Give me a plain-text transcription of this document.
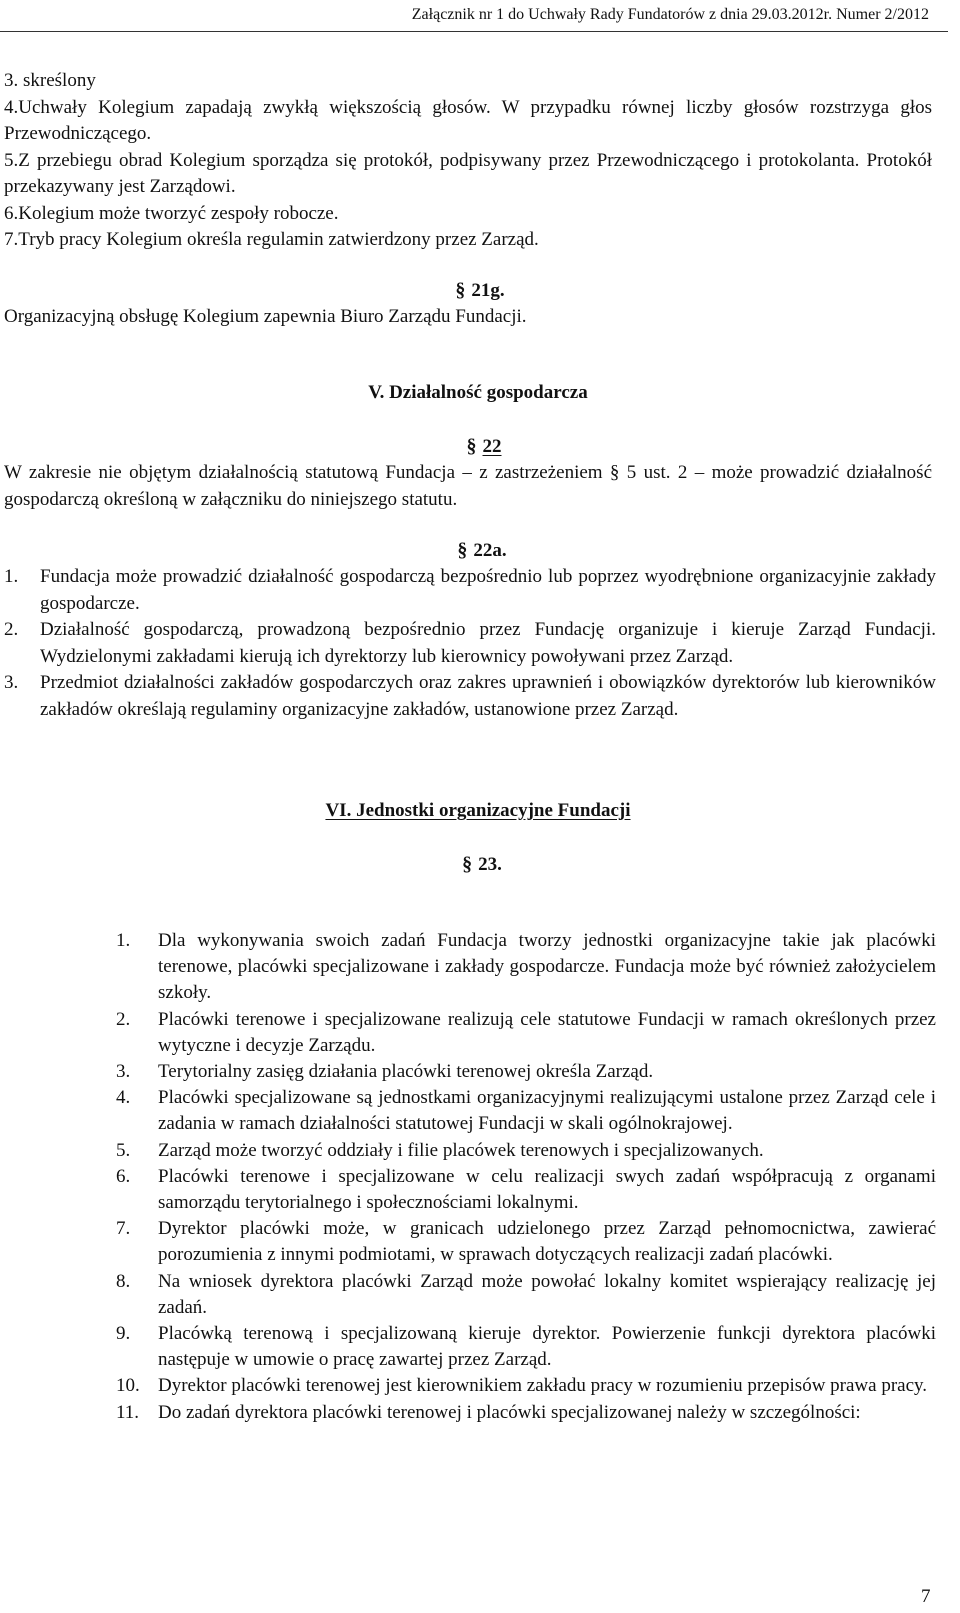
Załącznik nr 1 do Uchwały Rady Fundatorów z dnia 29.03.2012r. Numer 2/2012
3. skreślony
4.Uchwały Kolegium zapadają zwykłą większością głosów. W przypadku równej liczby głosów rozstrzyga głos Przewodniczącego.
5.Z przebiegu obrad Kolegium sporządza się protokół, podpisywany przez Przewodniczącego i protokolanta. Protokół przekazywany jest Zarządowi.
6.Kolegium może tworzyć zespoły robocze.
7.Tryb pracy Kolegium określa regulamin zatwierdzony przez Zarząd.
§ 21g.
Organizacyjną obsługę Kolegium zapewnia Biuro Zarządu Fundacji.
V. Działalność gospodarcza
§ 22
W zakresie nie objętym działalnością statutową Fundacja – z zastrzeżeniem § 5 ust. 2 – może prowadzić działalność gospodarczą określoną w załączniku do niniejszego statutu.
§ 22a.
1.	Fundacja może prowadzić działalność gospodarczą bezpośrednio lub poprzez wyodrębnione organizacyjnie zakłady gospodarcze.
2.	Działalność gospodarczą, prowadzoną bezpośrednio przez Fundację organizuje i kieruje Zarząd Fundacji. Wydzielonymi zakładami kierują ich dyrektorzy lub kierownicy powoływani przez Zarząd.
3.	Przedmiot działalności zakładów gospodarczych oraz zakres uprawnień i obowiązków dyrektorów lub kierowników zakładów określają regulaminy organizacyjne zakładów, ustanowione przez Zarząd.
VI. Jednostki organizacyjne Fundacji
§ 23.
1.	Dla wykonywania swoich zadań Fundacja tworzy jednostki organizacyjne takie jak placówki terenowe, placówki specjalizowane i zakłady gospodarcze. Fundacja może być również założycielem szkoły.
2.	Placówki terenowe i specjalizowane realizują cele statutowe Fundacji w ramach określonych przez wytyczne i decyzje Zarządu.
3.	Terytorialny zasięg działania placówki terenowej określa Zarząd.
4.	Placówki specjalizowane są jednostkami organizacyjnymi realizującymi ustalone przez Zarząd cele i zadania w ramach działalności statutowej Fundacji w skali ogólnokrajowej.
5.	Zarząd może tworzyć oddziały i filie placówek terenowych i specjalizowanych.
6.	Placówki terenowe i specjalizowane w celu realizacji swych zadań współpracują z organami samorządu terytorialnego i społecznościami lokalnymi.
7.	Dyrektor placówki może, w granicach udzielonego przez Zarząd pełnomocnictwa, zawierać porozumienia z innymi podmiotami, w sprawach dotyczących realizacji zadań placówki.
8.	Na wniosek dyrektora placówki Zarząd może powołać lokalny komitet wspierający realizację jej zadań.
9.	Placówką terenową i specjalizowaną kieruje dyrektor. Powierzenie funkcji dyrektora placówki następuje w umowie o pracę zawartej przez Zarząd.
10. Dyrektor placówki terenowej jest kierownikiem zakładu pracy w rozumieniu przepisów prawa pracy.
11. Do zadań dyrektora placówki terenowej i placówki specjalizowanej należy w szczególności:
7
